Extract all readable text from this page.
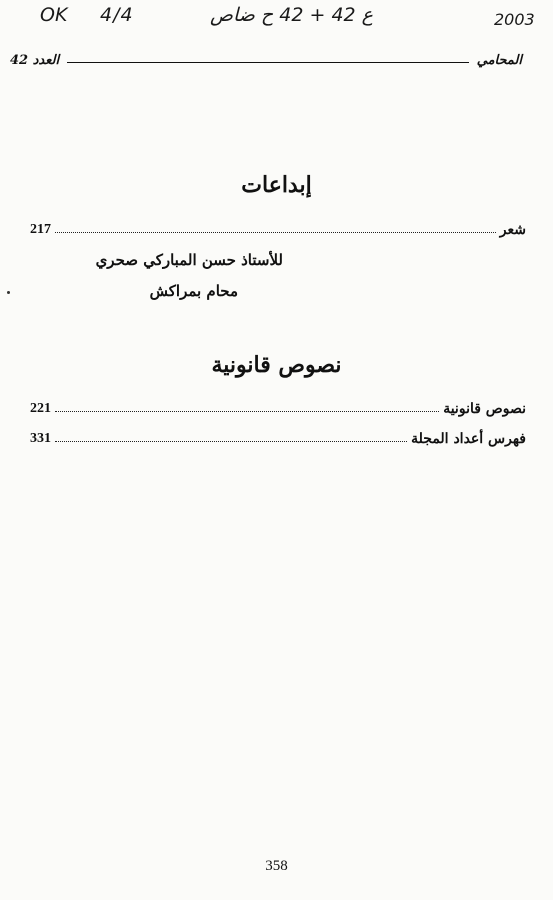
OK 4/4	ع 42 + 42 ح ضاص	2003
المحامي
العدد 42
إبداعات
شعر
217
للأستاذ حسن المباركي صحري
محام بمراكش
نصوص قانونية
نصوص قانونية
221
فهرس أعداد المجلة
331
358
